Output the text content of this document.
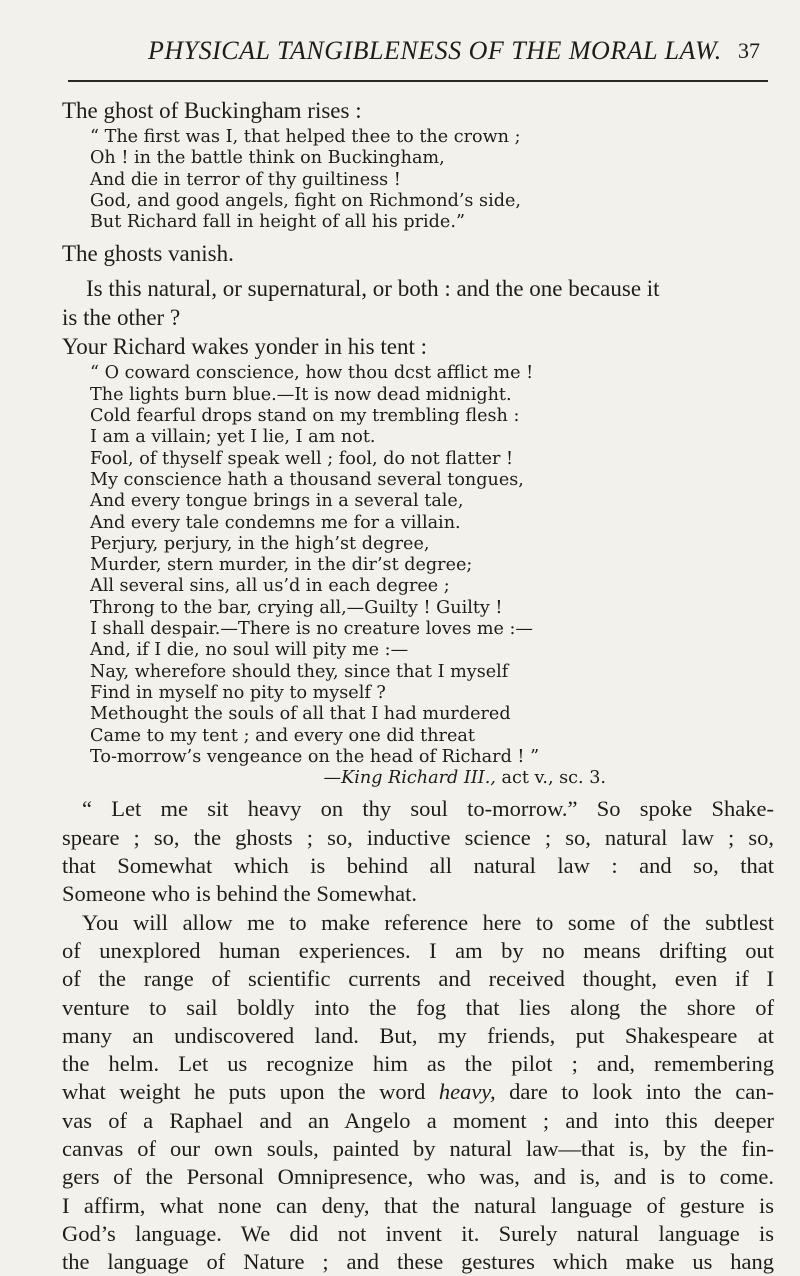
PHYSICAL TANGIBLENESS OF THE MORAL LAW. 37

The ghost of Buckingham rises :

“ The first was I, that helped thee to the crown ;
Oh ! in the battle think on Buckingham,
And die in terror of thy guiltiness !
God, and good angels, fight on Richmond’s side,
But Richard fall in height of all his pride.”

The ghosts vanish.

Is this natural, or supernatural, or both : and the one because it
is the other ?

Your Richard wakes yonder in his tent :

“ O coward conscience, how thou dcst afflict me !
The lights burn blue.—It is now dead midnight.
Cold fearful drops stand on my trembling flesh :
I am a villain; yet I lie, I am not.
Fool, of thyself speak well ; fool, do not flatter !
My conscience hath a thousand several tongues,
And every tongue brings in a several tale,
And every tale condemns me for a villain.
Perjury, perjury, in the high’st degree,
Murder, stern murder, in the dir’st degree;
All several sins, all us’d in each degree ;
Throng to the bar, crying all,—Guilty ! Guilty !
I shall despair.—There is no creature loves me :—
And, if I die, no soul will pity me :—
Nay, wherefore should they, since that I myself
Find in myself no pity to myself ?
Methought the souls of all that I had murdered
Came to my tent ; and every one did threat
To-morrow’s vengeance on the head of Richard ! ”
—King Richard III., act v., sc. 3.
“ Let me sit heavy on thy soul to-morrow.” So spoke Shake-
speare ; so, the ghosts ; so, inductive science ; so, natural law ; so,
that Somewhat which is behind all natural law : and so, that
Someone who is behind the Somewhat.
You will allow me to make reference here to some of the subtlest
of unexplored human experiences. I am by no means drifting out
of the range of scientific currents and received thought, even if I
venture to sail boldly into the fog that lies along the shore of
many an undiscovered land. But, my friends, put Shakespeare at
the helm. Let us recognize him as the pilot ; and, remembering
what weight he puts upon the word heavy, dare to look into the can-
vas of a Raphael and an Angelo a moment ; and into this deeper
canvas of our own souls, painted by natural law—that is, by the fin-
gers of the Personal Omnipresence, who was, and is, and is to come.
I affirm, what none can deny, that the natural language of gesture is
God’s language. We did not invent it. Surely natural language is
the language of Nature ; and these gestures which make us hang
